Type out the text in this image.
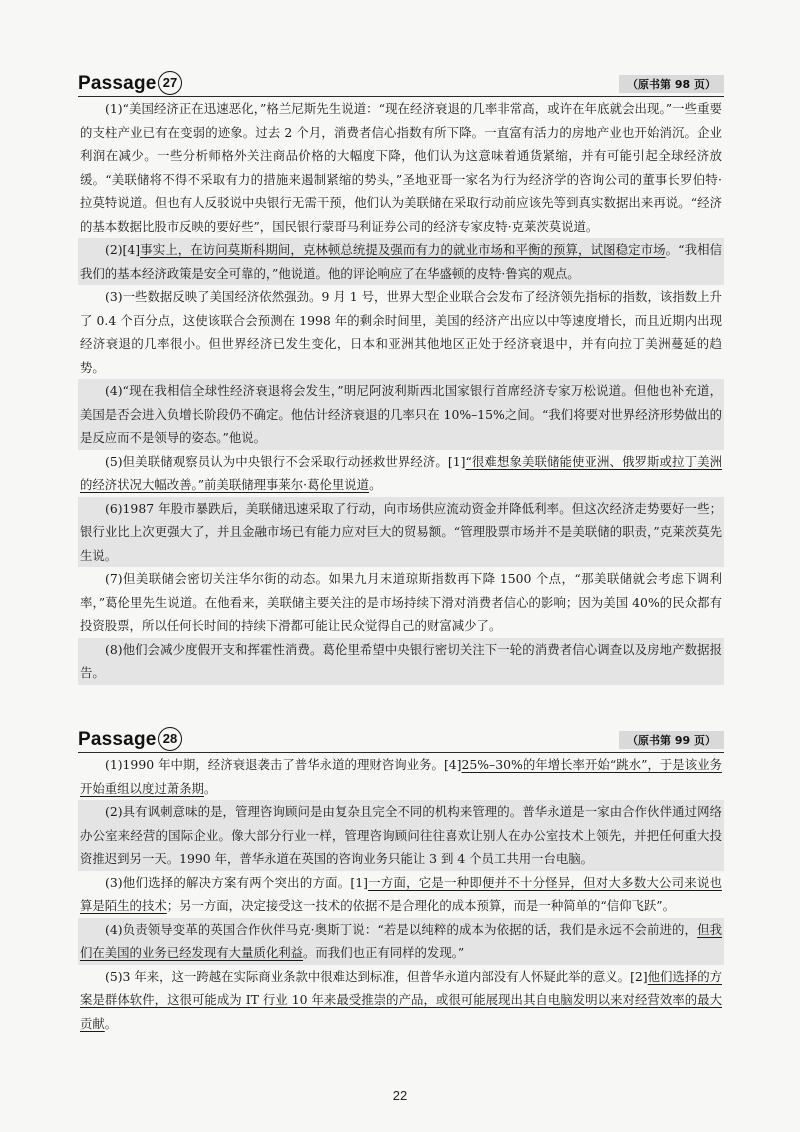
Passage 27	（原书第 98 页）

(1)“美国经济正在迅速恶化，”格兰尼斯先生说道：“现在经济衰退的几率非常高，或许在年底就会出现。”一些重要的支柱产业已有在变弱的迹象。过去 2 个月，消费者信心指数有所下降。一直富有活力的房地产业也开始消沉。企业利润在减少。一些分析师格外关注商品价格的大幅度下降，他们认为这意味着通货紧缩，并有可能引起全球经济放缓。“美联储将不得不采取有力的措施来遏制紧缩的势头，”圣地亚哥一家名为行为经济学的咨询公司的董事长罗伯特·拉莫特说道。但也有人反驳说中央银行无需干预，他们认为美联储在采取行动前应该先等到真实数据出来再说。“经济的基本数据比股市反映的要好些”，国民银行蒙哥马利证券公司的经济专家皮特·克莱茨莫说道。

(2)[4]事实上，在访问莫斯科期间，克林顿总统提及强而有力的就业市场和平衡的预算，试图稳定市场。“我相信我们的基本经济政策是安全可靠的，”他说道。他的评论响应了在华盛顿的皮特·鲁宾的观点。

(3)一些数据反映了美国经济依然强劲。9 月 1 号，世界大型企业联合会发布了经济领先指标的指数，该指数上升了 0.4 个百分点，这使该联合会预测在 1998 年的剩余时间里，美国的经济产出应以中等速度增长，而且近期内出现经济衰退的几率很小。但世界经济已发生变化，日本和亚洲其他地区正处于经济衰退中，并有向拉丁美洲蔓延的趋势。

(4)“现在我相信全球性经济衰退将会发生，”明尼阿波利斯西北国家银行首席经济专家万松说道。但他也补充道，美国是否会进入负增长阶段仍不确定。他估计经济衰退的几率只在 10%–15%之间。“我们将要对世界经济形势做出的是反应而不是领导的姿态。”他说。

(5)但美联储观察员认为中央银行不会采取行动拯救世界经济。[1]“很难想象美联储能使亚洲、俄罗斯或拉丁美洲的经济状况大幅改善。”前美联储理事莱尔·葛伦里说道。

(6)1987 年股市暴跌后，美联储迅速采取了行动，向市场供应流动资金并降低利率。但这次经济走势要好一些；银行业比上次更强大了，并且金融市场已有能力应对巨大的贸易额。“管理股票市场并不是美联储的职责，”克莱茨莫先生说。

(7)但美联储会密切关注华尔街的动态。如果九月末道琼斯指数再下降 1500 个点，“那美联储就会考虑下调利率，”葛伦里先生说道。在他看来，美联储主要关注的是市场持续下滑对消费者信心的影响；因为美国 40%的民众都有投资股票，所以任何长时间的持续下滑都可能让民众觉得自己的财富减少了。

(8)他们会减少度假开支和挥霍性消费。葛伦里希望中央银行密切关注下一轮的消费者信心调查以及房地产数据报告。

Passage 28	（原书第 99 页）

(1)1990 年中期，经济衰退袭击了普华永道的理财咨询业务。[4]25%–30%的年增长率开始“跳水”，于是该业务开始重组以度过萧条期。

(2)具有讽刺意味的是，管理咨询顾问是由复杂且完全不同的机构来管理的。普华永道是一家由合作伙伴通过网络办公室来经营的国际企业。像大部分行业一样，管理咨询顾问往往喜欢让别人在办公室技术上领先，并把任何重大投资推迟到另一天。1990 年，普华永道在英国的咨询业务只能让 3 到 4 个员工共用一台电脑。

(3)他们选择的解决方案有两个突出的方面。[1]一方面，它是一种即便并不十分怪异，但对大多数大公司来说也算是陌生的技术；另一方面，决定接受这一技术的依据不是合理化的成本预算，而是一种简单的“信仰飞跃”。

(4)负责领导变革的英国合作伙伴马克·奥斯丁说：“若是以纯粹的成本为依据的话，我们是永远不会前进的，但我们在美国的业务已经发现有大量质化利益。而我们也正有同样的发现。”

(5)3 年来，这一跨越在实际商业条款中很难达到标准，但普华永道内部没有人怀疑此举的意义。[2]他们选择的方案是群体软件，这很可能成为 IT 行业 10 年来最受推崇的产品，或很可能展现出其自电脑发明以来对经营效率的最大贡献。

22
